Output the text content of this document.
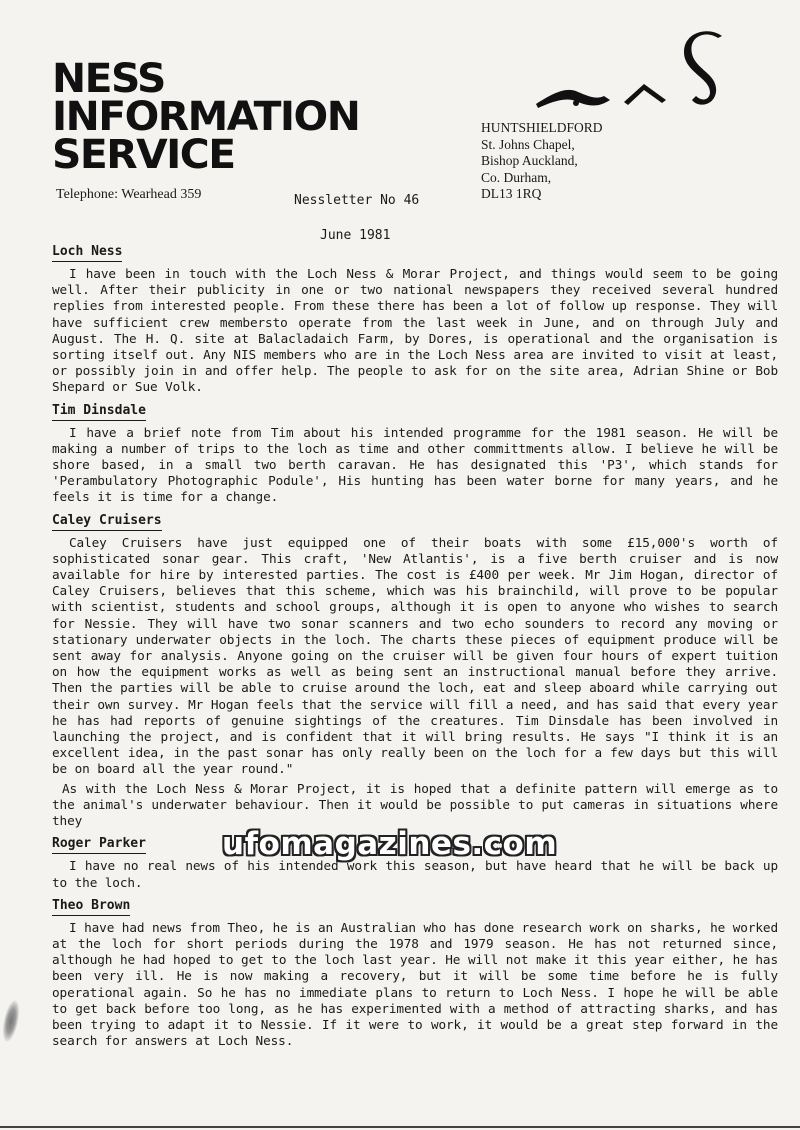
NESS
INFORMATION
SERVICE
HUNTSHIELDFORD
St. Johns Chapel,
Bishop Auckland,
Co. Durham,
DL13 1RQ
Telephone: Wearhead 359	Nessletter No 46
June 1981
Loch Ness

I have been in touch with the Loch Ness & Morar Project, and things would seem to be going well. After their publicity in one or two national newspapers they received several hundred replies from interested people. From these there has been a lot of follow up response. They will have sufficient crew membersto operate from the last week in June, and on through July and August. The H. Q. site at Balacladaich Farm, by Dores, is operational and the organisation is sorting itself out. Any NIS members who are in the Loch Ness area are invited to visit at least, or possibly join in and offer help. The people to ask for on the site area, Adrian Shine or Bob Shepard or Sue Volk.

Tim Dinsdale

I have a brief note from Tim about his intended programme for the 1981 season. He will be making a number of trips to the loch as time and other committments allow. I believe he will be shore based, in a small two berth caravan. He has designated this 'P3', which stands for 'Perambulatory Photographic Podule', His hunting has been water borne for many years, and he feels it is time for a change.

Caley Cruisers

Caley Cruisers have just equipped one of their boats with some £15,000's worth of sophisticated sonar gear. This craft, 'New Atlantis', is a five berth cruiser and is now available for hire by interested parties. The cost is £400 per week. Mr Jim Hogan, director of Caley Cruisers, believes that this scheme, which was his brainchild, will prove to be popular with scientist, students and school groups, although it is open to anyone who wishes to search for Nessie. They will have two sonar scanners and two echo sounders to record any moving or stationary underwater objects in the loch. The charts these pieces of equipment produce will be sent away for analysis. Anyone going on the cruiser will be given four hours of expert tuition on how the equipment works as well as being sent an instructional manual before they arrive. Then the parties will be able to cruise around the loch, eat and sleep aboard while carrying out their own survey. Mr Hogan feels that the service will fill a need, and has said that every year he has had reports of genuine sightings of the creatures. Tim Dinsdale has been involved in launching the project, and is confident that it will bring results. He says "I think it is an excellent idea, in the past sonar has only really been on the loch for a few days but this will be on board all the year round."

As with the Loch Ness & Morar Project, it is hoped that a definite pattern will emerge as to the animal's underwater behaviour. Then it would be possible to put cameras in situations where they

Roger Parker

I have no real news of his intended work this season, but have heard that he will be back up to the loch.

Theo Brown

I have had news from Theo, he is an Australian who has done research work on sharks, he worked at the loch for short periods during the 1978 and 1979 season. He has not returned since, although he had hoped to get to the loch last year. He will not make it this year either, he has been very ill. He is now making a recovery, but it will be some time before he is fully operational again. So he has no immediate plans to return to Loch Ness. I hope he will be able to get back before too long, as he has experimented with a method of attracting sharks, and has been trying to adapt it to Nessie. If it were to work, it would be a great step forward in the search for answers at Loch Ness.

ufomagazines.com
